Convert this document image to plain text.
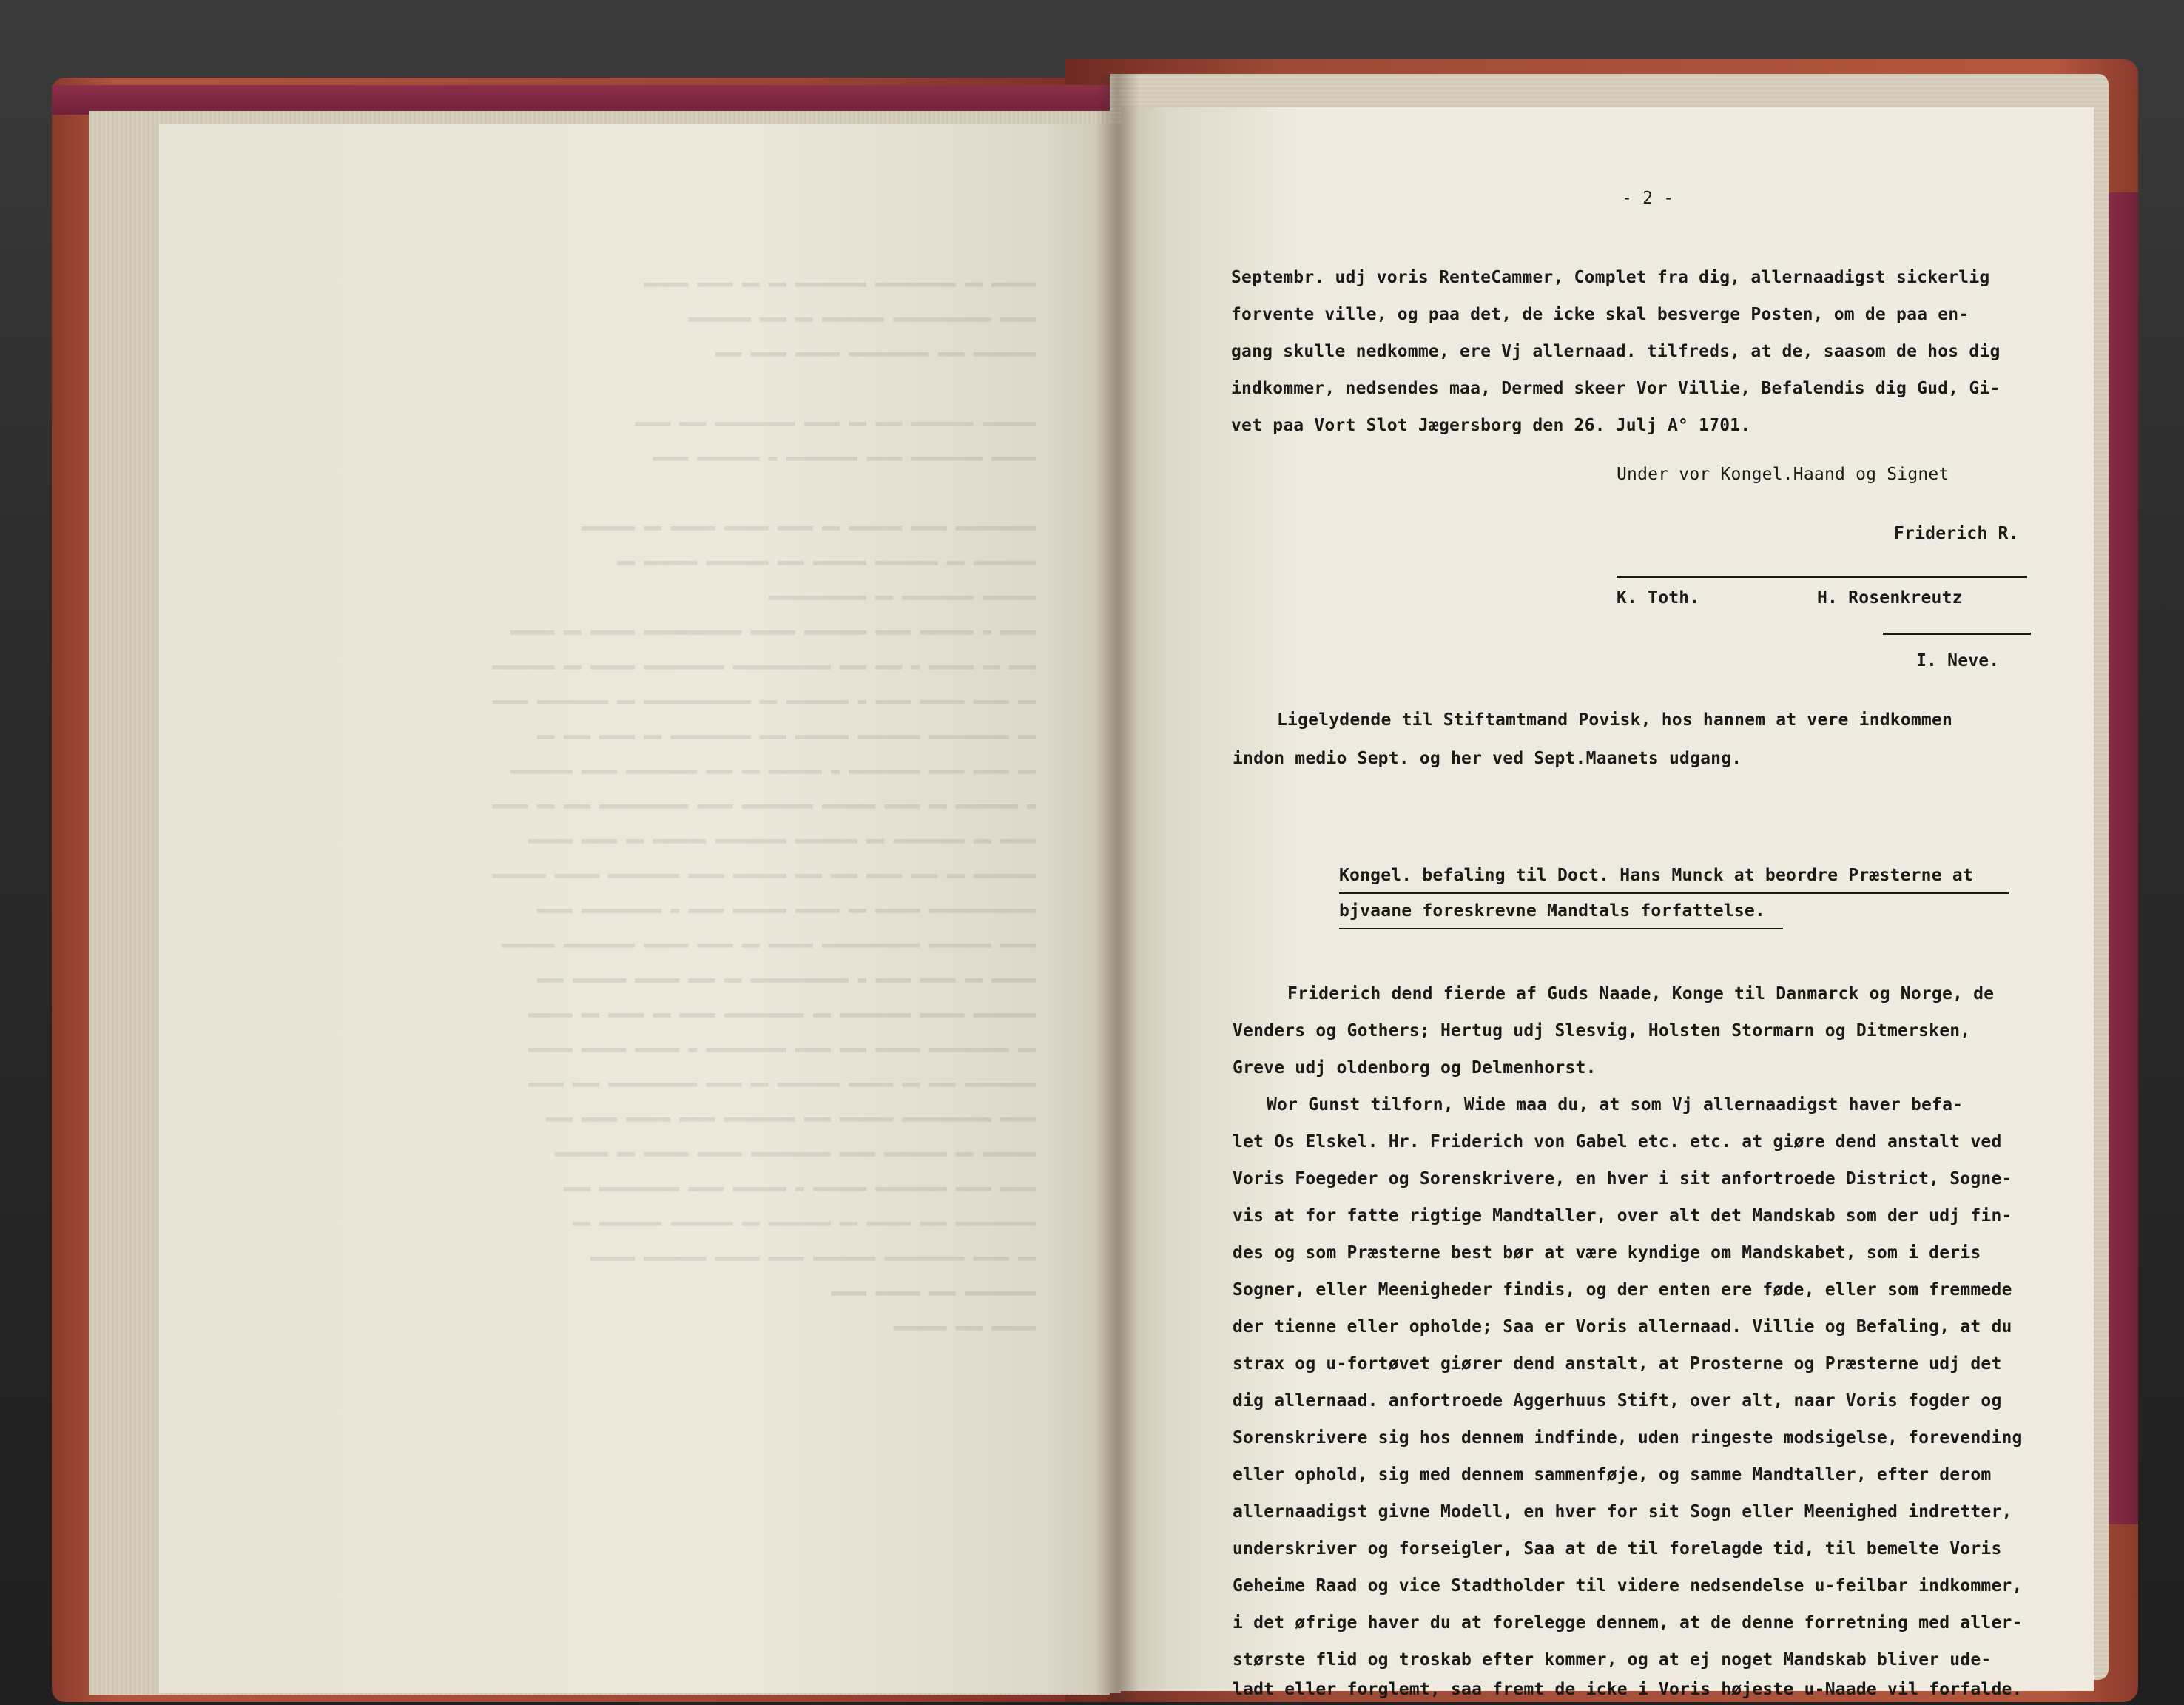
▬▬▬▬▬ ▬▬ ▬▬▬▬▬▬▬▬▬ ▬▬▬▬▬▬▬▬ ▬▬ ▬▬ ▬▬▬▬ ▬▬▬▬▬
▬▬▬▬ ▬▬▬▬▬▬▬▬▬▬▬ ▬▬▬▬▬▬▬ ▬▬ ▬▬▬ ▬▬▬▬▬▬▬
▬▬▬▬▬▬▬ ▬▬▬ ▬▬▬▬▬▬▬▬▬ ▬▬▬▬▬ ▬▬▬▬ ▬▬▬

▬▬▬▬▬▬ ▬▬▬▬▬▬▬ ▬▬▬ ▬▬ ▬▬▬▬ ▬▬▬▬▬▬▬▬▬ ▬▬▬ ▬▬▬▬
▬▬▬▬▬ ▬▬▬▬▬▬▬▬ ▬▬▬▬ ▬▬▬▬▬▬▬▬ ▬ ▬▬▬▬▬▬▬ ▬▬▬▬

▬▬▬▬▬▬▬▬▬ ▬▬▬▬ ▬▬▬▬▬▬ ▬▬ ▬▬▬▬ ▬▬▬▬▬ ▬▬▬▬▬ ▬▬ ▬▬▬▬▬▬
▬▬▬▬▬▬▬ ▬▬ ▬▬▬▬▬▬▬ ▬▬▬▬▬▬ ▬▬▬ ▬▬▬▬▬▬▬ ▬▬▬▬▬▬ ▬▬
▬▬▬▬▬▬ ▬▬▬▬▬▬▬▬ ▬▬ ▬▬▬▬▬▬▬▬▬▬▬
▬▬▬▬ ▬ ▬▬▬▬▬▬ ▬▬▬▬ ▬▬▬▬▬▬▬ ▬▬▬▬▬ ▬▬▬▬▬▬▬▬▬▬▬ ▬▬▬▬▬ ▬▬ ▬▬▬▬▬
▬▬▬ ▬▬ ▬▬▬▬▬ ▬ ▬▬▬ ▬▬▬ ▬▬▬▬▬▬▬▬▬▬▬ ▬▬▬▬▬▬▬▬▬ ▬▬▬▬▬ ▬▬ ▬▬▬▬▬▬▬
▬▬ ▬▬▬▬ ▬▬▬▬▬ ▬▬▬▬ ▬ ▬▬▬▬▬▬▬ ▬▬ ▬▬▬▬▬▬▬▬▬▬▬▬ ▬▬ ▬▬▬▬▬▬▬▬ ▬▬▬▬
▬▬ ▬▬▬▬▬▬▬▬▬ ▬▬▬▬▬▬▬ ▬▬▬▬▬▬ ▬▬▬ ▬▬▬▬▬▬▬▬▬ ▬▬ ▬▬▬▬ ▬▬▬ ▬▬
▬▬ ▬▬▬▬ ▬▬▬▬ ▬▬▬▬▬▬▬▬ ▬ ▬▬▬▬▬▬ ▬▬ ▬▬▬ ▬▬▬▬▬▬▬▬ ▬▬▬▬ ▬▬▬▬▬▬▬
▬ ▬▬▬▬▬▬▬ ▬▬ ▬▬▬▬ ▬▬▬▬▬▬ ▬▬▬▬▬▬▬▬ ▬▬▬▬ ▬▬▬▬▬▬▬▬▬▬ ▬▬▬ ▬▬ ▬▬▬▬
▬▬▬▬ ▬▬ ▬▬▬▬▬▬▬▬ ▬▬ ▬▬▬▬▬▬▬ ▬▬▬▬▬▬▬▬ ▬▬▬▬▬▬ ▬▬ ▬▬▬▬ ▬▬▬▬▬
▬▬▬▬▬▬▬ ▬▬ ▬▬▬ ▬▬▬▬ ▬▬▬ ▬▬▬ ▬▬▬▬▬▬ ▬▬▬▬ ▬▬▬▬▬▬▬▬ ▬▬▬▬▬ ▬▬▬▬▬▬
▬▬▬▬▬▬▬▬▬▬▬▬ ▬▬▬▬▬ ▬▬ ▬▬▬▬▬ ▬▬▬▬▬▬ ▬▬▬▬ ▬ ▬▬▬▬▬▬▬▬▬ ▬▬▬▬
▬▬▬▬ ▬▬▬▬▬▬▬ ▬▬▬▬▬▬▬▬▬▬▬ ▬▬▬▬▬ ▬▬ ▬▬▬▬ ▬▬▬▬▬ ▬▬▬▬▬▬▬▬ ▬▬▬▬▬▬
▬▬▬▬▬ ▬▬ ▬▬▬▬ ▬▬▬▬ ▬ ▬▬▬▬▬▬▬▬▬▬▬ ▬▬ ▬▬▬ ▬▬▬▬▬ ▬▬▬▬▬▬ ▬▬▬
▬▬▬▬▬▬▬ ▬▬▬▬▬ ▬▬▬▬▬▬▬▬ ▬▬ ▬▬▬▬▬▬▬▬▬ ▬▬▬▬ ▬▬ ▬▬▬▬ ▬▬ ▬▬▬▬▬
▬▬ ▬▬▬▬▬▬▬▬▬ ▬▬▬▬▬ ▬▬▬ ▬▬▬▬ ▬▬▬▬▬▬▬▬▬ ▬ ▬▬▬▬▬ ▬▬▬▬▬ ▬▬▬▬▬
▬▬▬▬▬▬▬▬ ▬▬▬ ▬▬ ▬▬▬▬▬ ▬▬▬▬▬▬▬ ▬▬ ▬▬▬▬ ▬▬▬▬▬▬▬▬▬▬ ▬▬▬ ▬▬▬▬
▬▬▬▬ ▬▬▬▬▬▬▬▬▬▬ ▬▬▬▬▬▬ ▬▬▬ ▬▬▬▬▬▬▬▬ ▬▬▬▬ ▬▬▬▬▬ ▬▬▬▬ ▬▬▬
▬▬▬▬▬▬ ▬▬ ▬▬▬▬▬▬▬ ▬▬▬▬ ▬▬▬▬▬▬▬▬▬ ▬▬▬▬▬ ▬▬▬▬▬ ▬▬ ▬▬▬▬▬▬
▬▬▬▬ ▬▬▬▬ ▬▬▬▬▬▬▬▬ ▬▬▬▬▬▬ ▬ ▬▬▬▬▬▬ ▬▬▬▬ ▬▬▬▬▬▬▬▬▬ ▬▬▬
▬▬▬▬▬▬▬▬▬ ▬▬▬ ▬▬▬▬▬ ▬▬ ▬▬▬▬▬▬▬ ▬▬ ▬▬▬▬▬▬▬ ▬▬▬▬▬▬▬ ▬▬
▬▬ ▬▬▬▬ ▬▬▬▬▬▬▬▬▬ ▬▬▬▬▬▬▬ ▬▬▬▬ ▬▬▬▬▬ ▬▬▬▬▬▬▬ ▬▬▬▬▬
▬▬▬▬▬▬▬▬ ▬▬▬ ▬▬▬▬▬ ▬▬▬▬
▬▬▬▬▬ ▬▬▬ ▬▬▬▬▬▬
- 2 -
Septembr. udj voris RenteCammer, Complet fra dig, allernaadigst sickerlig
forvente ville, og paa det, de icke skal besverge Posten, om de paa en-
gang skulle nedkomme, ere Vj allernaad. tilfreds, at de, saasom de hos dig
indkommer, nedsendes maa, Dermed skeer Vor Villie, Befalendis dig Gud, Gi-
vet paa Vort Slot Jægersborg den 26. Julj A° 1701.
Under vor Kongel.Haand og Signet
Friderich R.
K. Toth.	H. Rosenkreutz
I. Neve.
Ligelydende til Stiftamtmand Povisk, hos hannem at vere indkommen
indon medio Sept. og her ved Sept.Maanets udgang.
Kongel. befaling til Doct. Hans Munck at beordre Præsterne at
bjvaane foreskrevne Mandtals forfattelse.
Friderich dend fierde af Guds Naade, Konge til Danmarck og Norge, de
Venders og Gothers; Hertug udj Slesvig, Holsten Stormarn og Ditmersken,
Greve udj oldenborg og Delmenhorst.
Wor Gunst tilforn, Wide maa du, at som Vj allernaadigst haver befa-
let Os Elskel. Hr. Friderich von Gabel etc. etc. at giøre dend anstalt ved
Voris Foegeder og Sorenskrivere, en hver i sit anfortroede District, Sogne-
vis at for fatte rigtige Mandtaller, over alt det Mandskab som der udj fin-
des og som Præsterne best bør at være kyndige om Mandskabet, som i deris
Sogner, eller Meenigheder findis, og der enten ere føde, eller som fremmede
der tienne eller opholde; Saa er Voris allernaad. Villie og Befaling, at du
strax og u-fortøvet giører dend anstalt, at Prosterne og Præsterne udj det
dig allernaad. anfortroede Aggerhuus Stift, over alt, naar Voris fogder og
Sorenskrivere sig hos dennem indfinde, uden ringeste modsigelse, forevending
eller ophold, sig med dennem sammenføje, og samme Mandtaller, efter derom
allernaadigst givne Modell, en hver for sit Sogn eller Meenighed indretter,
underskriver og forseigler, Saa at de til forelagde tid, til bemelte Voris
Geheime Raad og vice Stadtholder til videre nedsendelse u-feilbar indkommer,
i det øfrige haver du at forelegge dennem, at de denne forretning med aller-
største flid og troskab efter kommer, og at ej noget Mandskab bliver ude-
ladt eller forglemt, saa fremt de icke i Voris højeste u-Naade vil forfalde.
